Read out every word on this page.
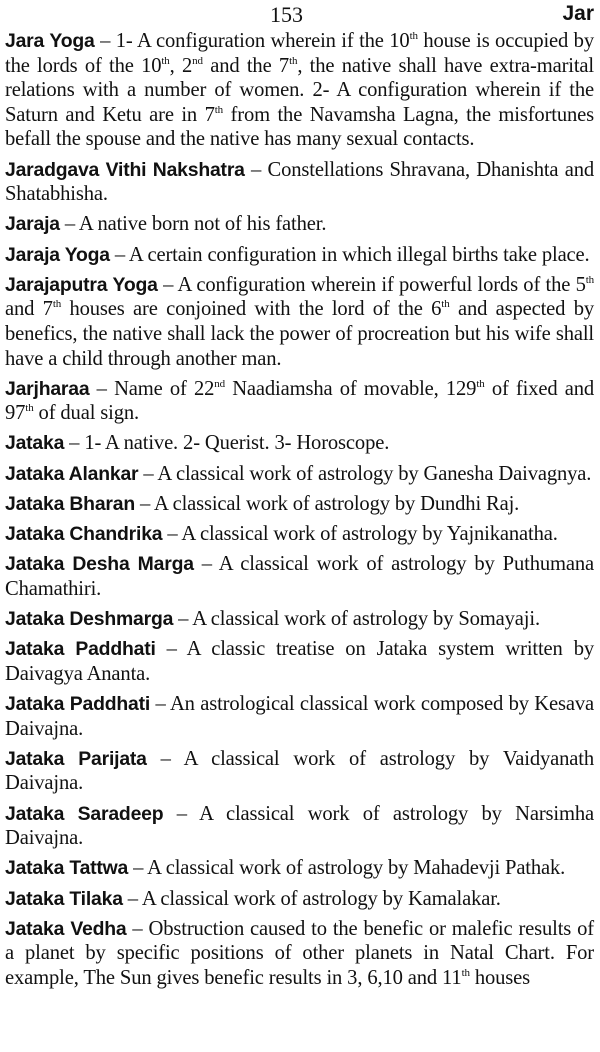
153	Jar

Jara Yoga – 1- A configuration wherein if the 10th house is occupied by the lords of the 10th, 2nd and the 7th, the native shall have extra-marital relations with a number of women. 2- A configuration wherein if the Saturn and Ketu are in 7th from the Navamsha Lagna, the misfortunes befall the spouse and the native has many sexual contacts.

Jaradgava Vithi Nakshatra – Constellations Shravana, Dhanishta and Shatabhisha.

Jaraja – A native born not of his father.

Jaraja Yoga – A certain configuration in which illegal births take place.

Jarajaputra Yoga – A configuration wherein if powerful lords of the 5th and 7th houses are conjoined with the lord of the 6th and aspected by benefics, the native shall lack the power of procreation but his wife shall have a child through another man.

Jarjharaa – Name of 22nd Naadiamsha of movable, 129th of fixed and 97th of dual sign.

Jataka – 1- A native. 2- Querist. 3- Horoscope.

Jataka Alankar – A classical work of astrology by Ganesha Daivagnya.

Jataka Bharan – A classical work of astrology by Dundhi Raj.

Jataka Chandrika – A classical work of astrology by Yajnikanatha.

Jataka Desha Marga – A classical work of astrology by Puthumana Chamathiri.

Jataka Deshmarga – A classical work of astrology by Somayaji.

Jataka Paddhati – A classic treatise on Jataka system written by Daivagya Ananta.

Jataka Paddhati – An astrological classical work composed by Kesava Daivajna.

Jataka Parijata – A classical work of astrology by Vaidyanath Daivajna.

Jataka Saradeep – A classical work of astrology by Narsimha Daivajna.

Jataka Tattwa – A classical work of astrology by Mahadevji Pathak.

Jataka Tilaka – A classical work of astrology by Kamalakar.

Jataka Vedha – Obstruction caused to the benefic or malefic results of a planet by specific positions of other planets in Natal Chart. For example, The Sun gives benefic results in 3, 6,10 and 11th houses
